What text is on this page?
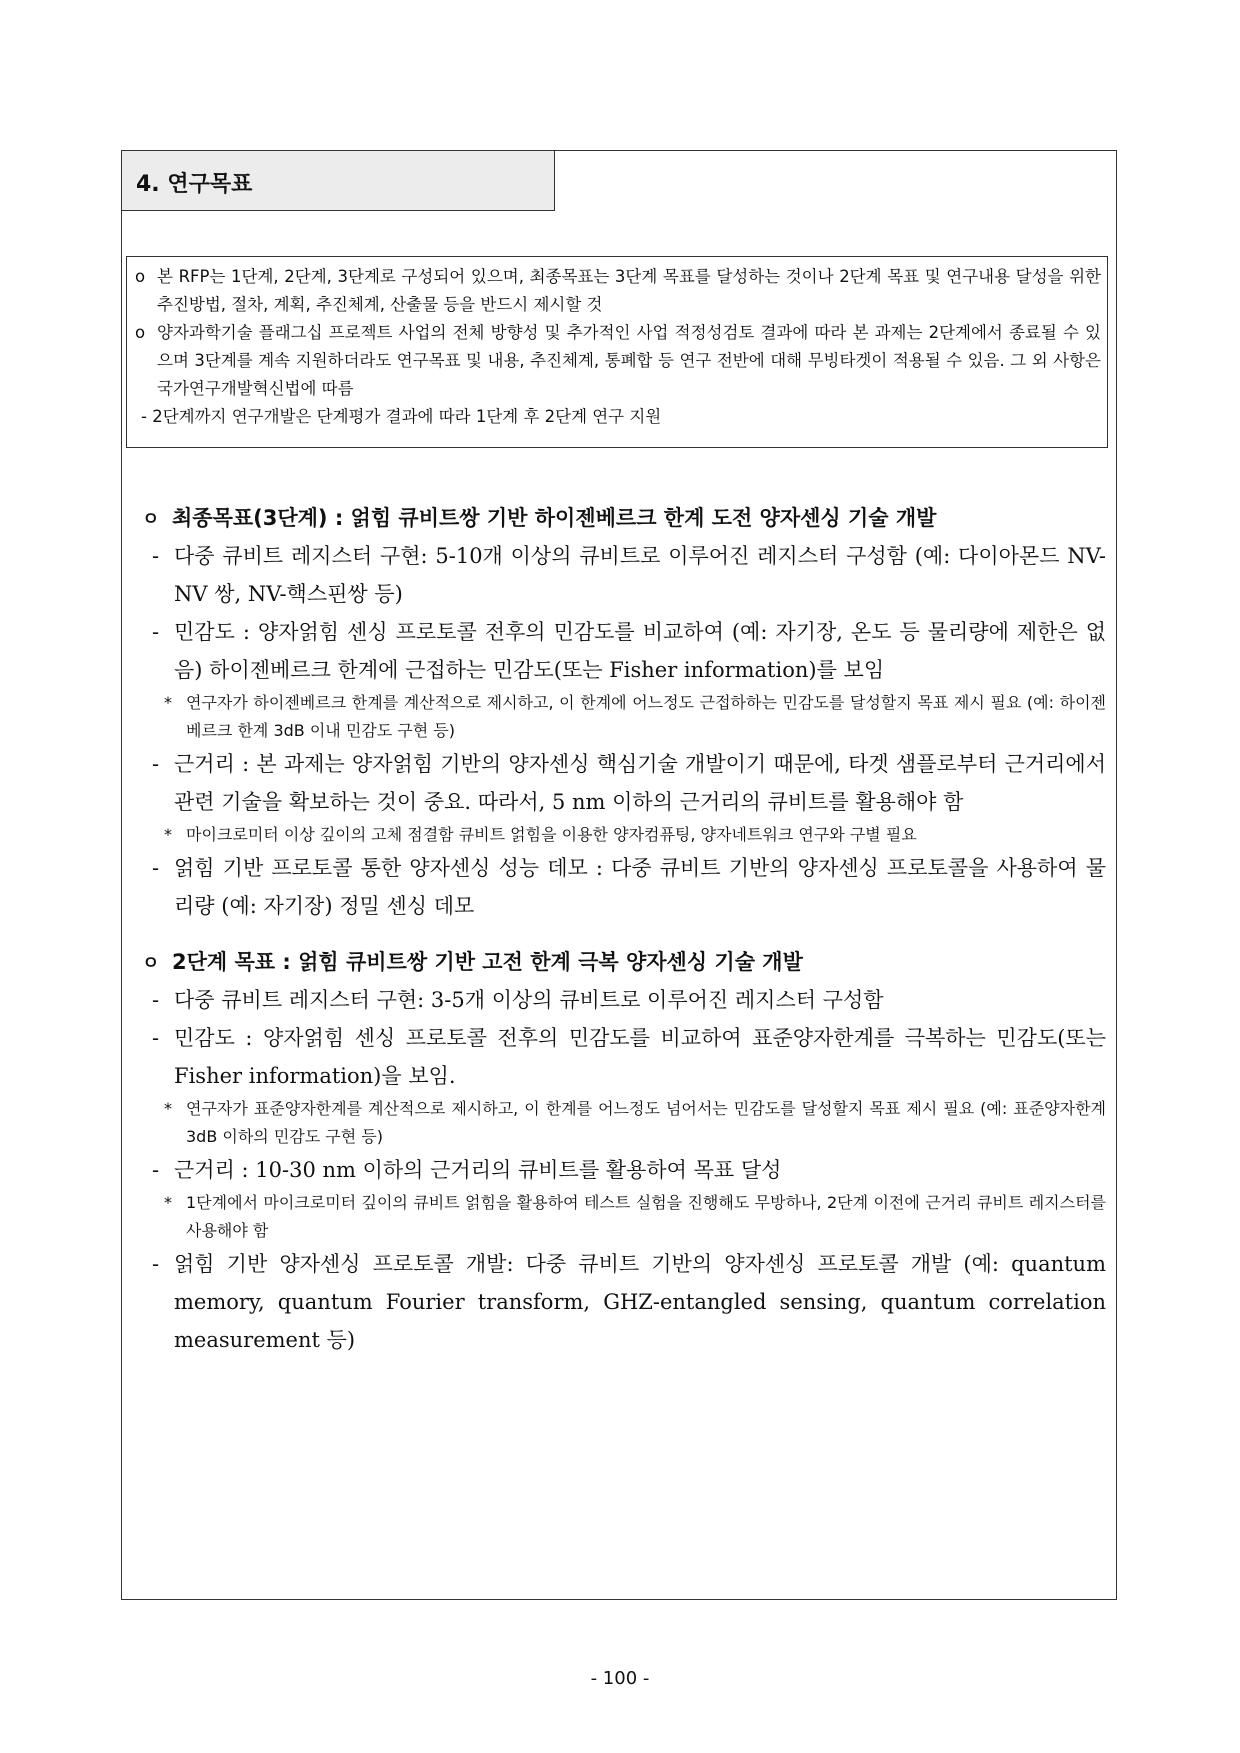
4. 연구목표
o 본 RFP는 1단계, 2단계, 3단계로 구성되어 있으며, 최종목표는 3단계 목표를 달성하는 것이나 2단계 목표 및 연구내용 달성을 위한 추진방법, 절차, 계획, 추진체계, 산출물 등을 반드시 제시할 것
o 양자과학기술 플래그십 프로젝트 사업의 전체 방향성 및 추가적인 사업 적정성검토 결과에 따라 본 과제는 2단계에서 종료될 수 있으며 3단계를 계속 지원하더라도 연구목표 및 내용, 추진체계, 통폐합 등 연구 전반에 대해 무빙타겟이 적용될 수 있음. 그 외 사항은 국가연구개발혁신법에 따름
- 2단계까지 연구개발은 단계평가 결과에 따라 1단계 후 2단계 연구 지원
ㅇ 최종목표(3단계) : 얽힘 큐비트쌍 기반 하이젠베르크 한계 도전 양자센싱 기술 개발
- 다중 큐비트 레지스터 구현: 5-10개 이상의 큐비트로 이루어진 레지스터 구성함 (예: 다이아몬드 NV-NV 쌍, NV-핵스핀쌍 등)
- 민감도 : 양자얽힘 센싱 프로토콜 전후의 민감도를 비교하여 (예: 자기장, 온도 등 물리량에 제한은 없음) 하이젠베르크 한계에 근접하는 민감도(또는 Fisher information)를 보임
* 연구자가 하이젠베르크 한계를 계산적으로 제시하고, 이 한계에 어느정도 근접하하는 민감도를 달성할지 목표 제시 필요 (예: 하이젠베르크 한계 3dB 이내 민감도 구현 등)
- 근거리 : 본 과제는 양자얽힘 기반의 양자센싱 핵심기술 개발이기 때문에, 타겟 샘플로부터 근거리에서 관련 기술을 확보하는 것이 중요. 따라서, 5 nm 이하의 근거리의 큐비트를 활용해야 함
* 마이크로미터 이상 깊이의 고체 점결함 큐비트 얽힘을 이용한 양자컴퓨팅, 양자네트워크 연구와 구별 필요
- 얽힘 기반 프로토콜 통한 양자센싱 성능 데모 : 다중 큐비트 기반의 양자센싱 프로토콜을 사용하여 물리량 (예: 자기장) 정밀 센싱 데모
ㅇ 2단계 목표 : 얽힘 큐비트쌍 기반 고전 한계 극복 양자센싱 기술 개발
- 다중 큐비트 레지스터 구현: 3-5개 이상의 큐비트로 이루어진 레지스터 구성함
- 민감도 : 양자얽힘 센싱 프로토콜 전후의 민감도를 비교하여 표준양자한계를 극복하는 민감도(또는 Fisher information)을 보임.
* 연구자가 표준양자한계를 계산적으로 제시하고, 이 한계를 어느정도 넘어서는 민감도를 달성할지 목표 제시 필요 (예: 표준양자한계 3dB 이하의 민감도 구현 등)
- 근거리 : 10-30 nm 이하의 근거리의 큐비트를 활용하여 목표 달성
* 1단계에서 마이크로미터 깊이의 큐비트 얽힘을 활용하여 테스트 실험을 진행해도 무방하나, 2단계 이전에 근거리 큐비트 레지스터를 사용해야 함
- 얽힘 기반 양자센싱 프로토콜 개발: 다중 큐비트 기반의 양자센싱 프로토콜 개발 (예: quantum memory, quantum Fourier transform, GHZ-entangled sensing, quantum correlation measurement 등)
- 100 -
